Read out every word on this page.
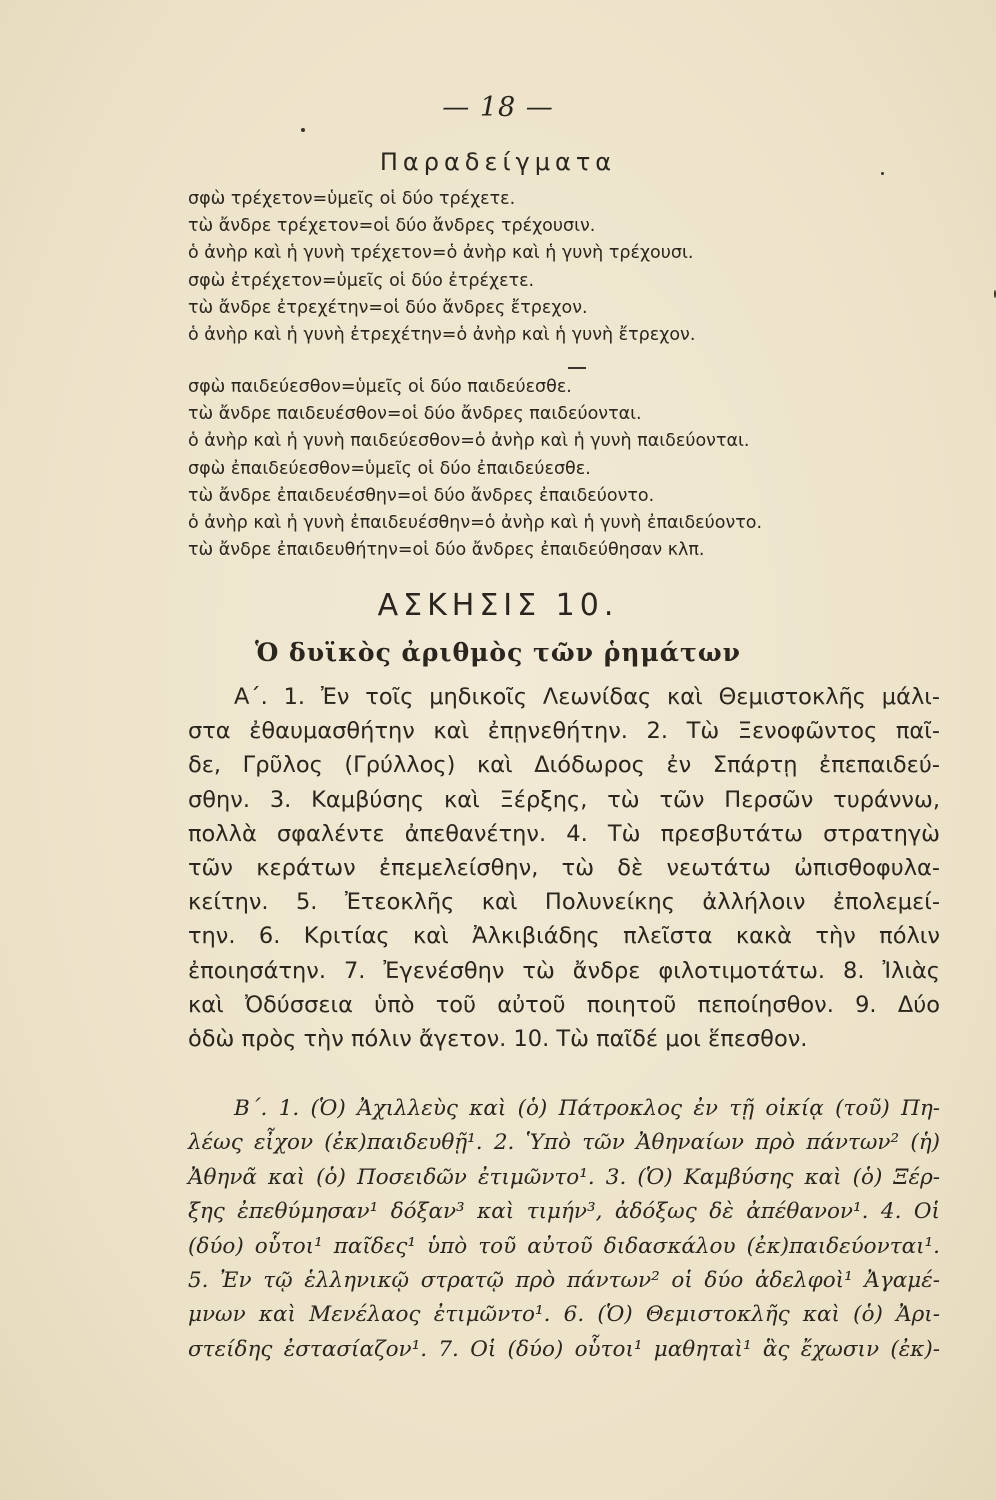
— 18 —
Παραδείγματα
σφὼ τρέχετον=ὑμεῖς οἱ δύο τρέχετε.
τὼ ἄνδρε τρέχετον=οἱ δύο ἄνδρες τρέχουσιν.
ὁ ἀνὴρ καὶ ἡ γυνὴ τρέχετον=ὁ ἀνὴρ καὶ ἡ γυνὴ τρέχουσι.
σφὼ ἐτρέχετον=ὑμεῖς οἱ δύο ἐτρέχετε.
τὼ ἄνδρε ἐτρεχέτην=οἱ δύο ἄνδρες ἔτρεχον.
ὁ ἀνὴρ καὶ ἡ γυνὴ ἐτρεχέτην=ὁ ἀνὴρ καὶ ἡ γυνὴ ἔτρεχον.
σφὼ παιδεύεσθον=ὑμεῖς οἱ δύο παιδεύεσθε.
τὼ ἄνδρε παιδευέσθον=οἱ δύο ἄνδρες παιδεύονται.
ὁ ἀνὴρ καὶ ἡ γυνὴ παιδεύεσθον=ὁ ἀνὴρ καὶ ἡ γυνὴ παιδεύονται.
σφὼ ἐπαιδεύεσθον=ὑμεῖς οἱ δύο ἐπαιδεύεσθε.
τὼ ἄνδρε ἐπαιδευέσθην=οἱ δύο ἄνδρες ἐπαιδεύοντο.
ὁ ἀνὴρ καὶ ἡ γυνὴ ἐπαιδευέσθην=ὁ ἀνὴρ καὶ ἡ γυνὴ ἐπαιδεύοντο.
τὼ ἄνδρε ἐπαιδευθήτην=οἱ δύο ἄνδρες ἐπαιδεύθησαν κλπ.
ΑΣΚΗΣΙΣ 10.
Ὁ δυϊκὸς ἀριθμὸς τῶν ῥημάτων
Α΄. 1. Ἐν τοῖς μηδικοῖς Λεωνίδας καὶ Θεμιστοκλῆς μάλι-
στα ἐθαυμασθήτην καὶ ἐπῃνεθήτην. 2. Τὼ Ξενοφῶντος παῖ-
δε, Γρῦλος (Γρύλλος) καὶ Διόδωρος ἐν Σπάρτῃ ἐπεπαιδεύ-
σθην. 3. Καμβύσης καὶ Ξέρξης, τὼ τῶν Περσῶν τυράννω,
πολλὰ σφαλέντε ἀπεθανέτην. 4. Τὼ πρεσβυτάτω στρατηγὼ
τῶν κεράτων ἐπεμελείσθην, τὼ δὲ νεωτάτω ὠπισθοφυλα-
κείτην. 5. Ἐτεοκλῆς καὶ Πολυνείκης ἀλλήλοιν ἐπολεμεί-
την. 6. Κριτίας καὶ Ἀλκιβιάδης πλεῖστα κακὰ τὴν πόλιν
ἐποιησάτην. 7. Ἐγενέσθην τὼ ἄνδρε φιλοτιμοτάτω. 8. Ἰλιὰς
καὶ Ὀδύσσεια ὑπὸ τοῦ αὐτοῦ ποιητοῦ πεποίησθον. 9. Δύο
ὁδὼ πρὸς τὴν πόλιν ἄγετον. 10. Τὼ παῖδέ μοι ἕπεσθον.
Β΄. 1. (Ὁ) Ἀχιλλεὺς καὶ (ὁ) Πάτροκλος ἐν τῇ οἰκίᾳ (τοῦ) Πη-
λέως εἶχον (ἐκ)παιδευθῇ¹. 2. Ὑπὸ τῶν Ἀθηναίων πρὸ πάντων² (ἡ)
Ἀθηνᾶ καὶ (ὁ) Ποσειδῶν ἐτιμῶντο¹. 3. (Ὁ) Καμβύσης καὶ (ὁ) Ξέρ-
ξης ἐπεθύμησαν¹ δόξαν³ καὶ τιμήν³, ἀδόξως δὲ ἀπέθανον¹. 4. Οἱ
(δύο) οὗτοι¹ παῖδες¹ ὑπὸ τοῦ αὐτοῦ διδασκάλου (ἐκ)παιδεύονται¹.
5. Ἐν τῷ ἑλληνικῷ στρατῷ πρὸ πάντων² οἱ δύο ἀδελφοὶ¹ Ἀγαμέ-
μνων καὶ Μενέλαος ἐτιμῶντο¹. 6. (Ὁ) Θεμιστοκλῆς καὶ (ὁ) Ἀρι-
στείδης ἐστασίαζον¹. 7. Οἱ (δύο) οὗτοι¹ μαθηταὶ¹ ἃς ἔχωσιν (ἐκ)-
